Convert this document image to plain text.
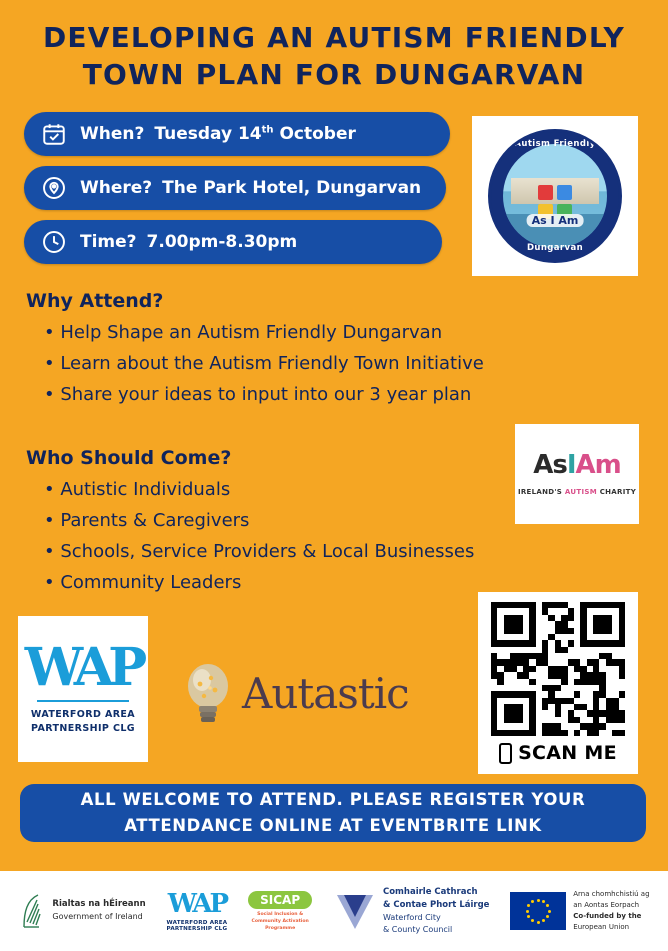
DEVELOPING AN AUTISM FRIENDLY TOWN PLAN FOR DUNGARVAN
When? Tuesday 14th October
Where? The Park Hotel, Dungarvan
Time? 7.00pm-8.30pm
Autism Friendly
As I Am
Dungarvan
Why Attend?
• Help Shape an Autism Friendly Dungarvan
• Learn about the Autism Friendly Town Initiative
• Share your ideas to input into our 3 year plan
Who Should Come?
• Autistic Individuals
• Parents & Caregivers
• Schools, Service Providers & Local Businesses
• Community Leaders
AsIAm
IRELAND'S AUTISM CHARITY
WAP
WATERFORD AREA
PARTNERSHIP CLG
Autastic
SCAN ME
ALL WELCOME TO ATTEND. PLEASE REGISTER YOUR
ATTENDANCE ONLINE AT EVENTBRITE LINK
Rialtas na hÉireann
Government of Ireland WAP
WATERFORD AREA
PARTNERSHIP CLG
SICAP
Social Inclusion &
Community Activation
Programme
Comhairle Cathrach
& Contae Phort Láirge
Waterford City
& County Council
Arna chomhchistiú ag
an Aontas Eorpach
Co-funded by the
European Union
